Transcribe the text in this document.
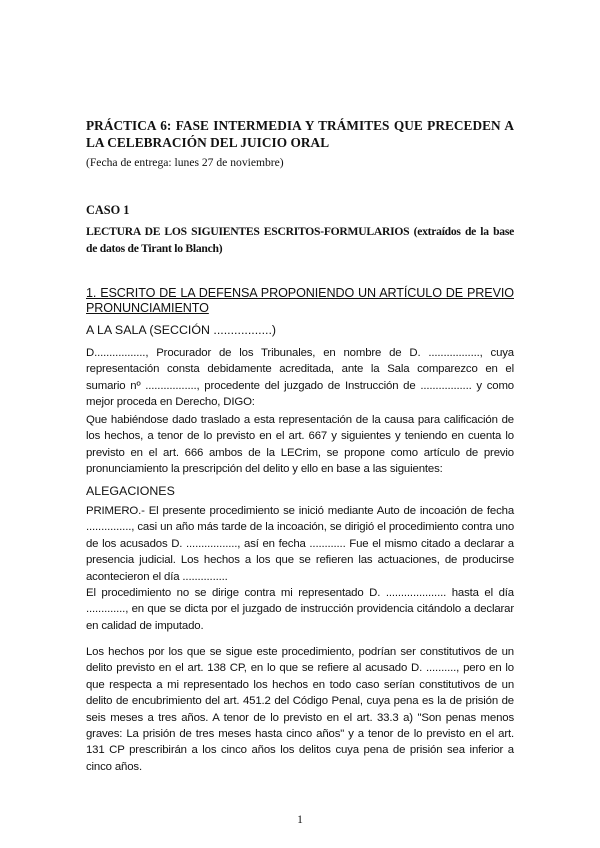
PRÁCTICA 6: FASE INTERMEDIA Y TRÁMITES QUE PRECEDEN A LA CELEBRACIÓN DEL JUICIO ORAL

(Fecha de entrega: lunes 27 de noviembre)

CASO 1

LECTURA DE LOS SIGUIENTES ESCRITOS-FORMULARIOS (extraídos de la base de datos de Tirant lo Blanch)

1. ESCRITO DE LA DEFENSA PROPONIENDO UN ARTÍCULO DE PREVIO PRONUNCIAMIENTO

A LA SALA (SECCIÓN .................)

D................., Procurador de los Tribunales, en nombre de D. ................., cuya representación consta debidamente acreditada, ante la Sala comparezco en el sumario nº ................., procedente del juzgado de Instrucción de ................. y como mejor proceda en Derecho, DIGO:

Que habiéndose dado traslado a esta representación de la causa para calificación de los hechos, a tenor de lo previsto en el art. 667 y siguientes y teniendo en cuenta lo previsto en el art. 666 ambos de la LECrim, se propone como artículo de previo pronunciamiento la prescripción del delito y ello en base a las siguientes:

ALEGACIONES

PRIMERO.- El presente procedimiento se inició mediante Auto de incoación de fecha ..............., casi un año más tarde de la incoación, se dirigió el procedimiento contra uno de los acusados D. ................., así en fecha ............ Fue el mismo citado a declarar a presencia judicial. Los hechos a los que se refieren las actuaciones, de producirse acontecieron el día ...............

El procedimiento no se dirige contra mi representado D. .................... hasta el día ............., en que se dicta por el juzgado de instrucción providencia citándolo a declarar en calidad de imputado.

Los hechos por los que se sigue este procedimiento, podrían ser constitutivos de un delito previsto en el art. 138 CP, en lo que se refiere al acusado D. .........., pero en lo que respecta a mi representado los hechos en todo caso serían constitutivos de un delito de encubrimiento del art. 451.2 del Código Penal, cuya pena es la de prisión de seis meses a tres años. A tenor de lo previsto en el art. 33.3 a) "Son penas menos graves: La prisión de tres meses hasta cinco años" y a tenor de lo previsto en el art. 131 CP prescribirán a los cinco años los delitos cuya pena de prisión sea inferior a cinco años.

1
